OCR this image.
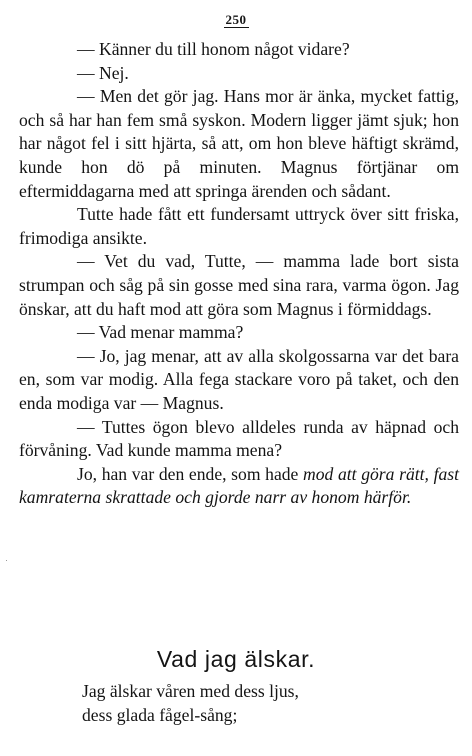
250

— Känner du till honom något vidare?

— Nej.

— Men det gör jag. Hans mor är änka, mycket fattig, och så har han fem små syskon. Modern ligger jämt sjuk; hon har något fel i sitt hjärta, så att, om hon bleve häftigt skrämd, kunde hon dö på minuten. Magnus förtjänar om eftermiddagarna med att springa ärenden och sådant.

Tutte hade fått ett fundersamt uttryck över sitt friska, frimodiga ansikte.

— Vet du vad, Tutte, — mamma lade bort sista strumpan och såg på sin gosse med sina rara, varma ögon. Jag önskar, att du haft mod att göra som Magnus i förmiddags.

— Vad menar mamma?

— Jo, jag menar, att av alla skolgossarna var det bara en, som var modig. Alla fega stackare voro på taket, och den enda modiga var — Magnus.

— Tuttes ögon blevo alldeles runda av häpnad och förvåning. Vad kunde mamma mena?

Jo, han var den ende, som hade mod att göra rätt, fast kamraterna skrattade och gjorde narr av honom härför.

Vad jag älskar.
Jag älskar våren med dess ljus,
dess glada fågel-sång;
